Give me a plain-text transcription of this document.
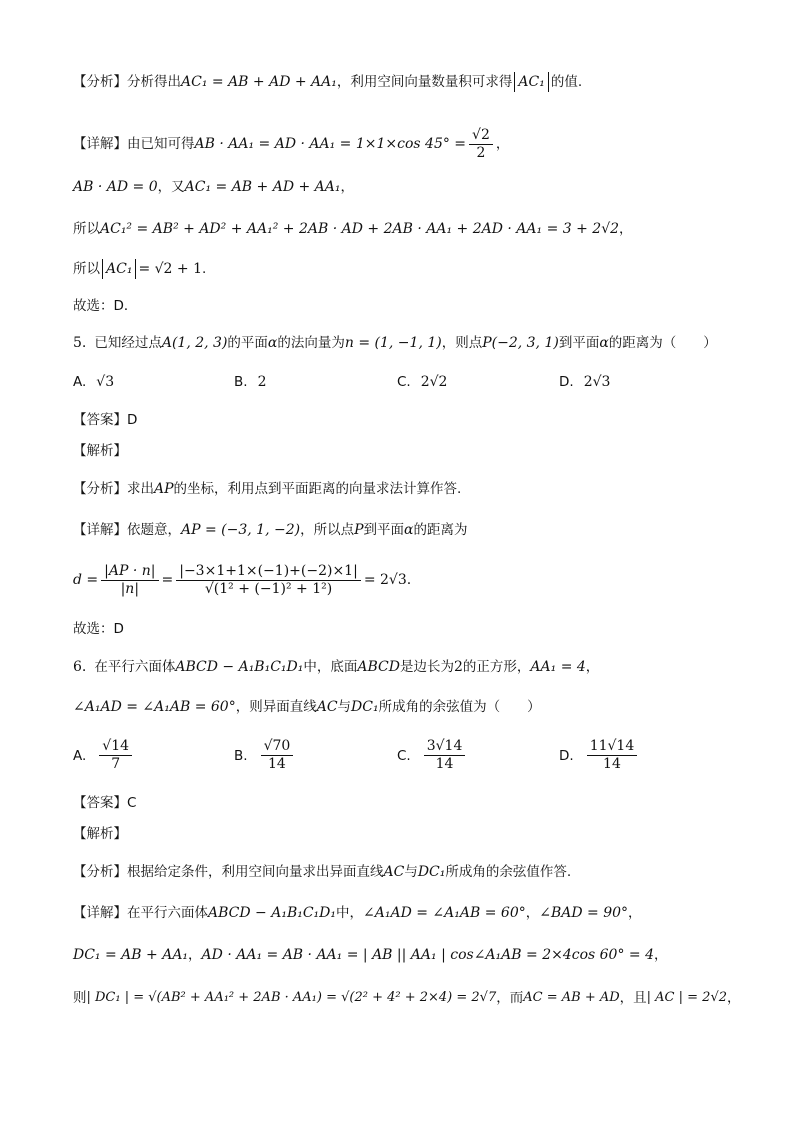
【分析】 分析得出 AC₁ = AB + AD + AA₁ ，利用空间向量数量积可求得 AC₁ 的值.
【详解】 由已知可得 AB · AA₁ = AD · AA₁ = 1×1×cos $45^\circ = \frac{√2}{2}$ ，
AB · AD = 0 ，又 AC₁ = AB + AD + AA₁ ，
所以 AC₁² = AB² + AD² + AA₁² + 2AB · AD + 2AB · AA₁ + 2AD · AA₁ = 3 + 2√2 ，
所以 AC₁ = √2 + 1 .
故选：D．
5. 已知经过点 A(1, 2, 3) 的平面 α 的法向量为 n = (1, −1, 1) ，则点 P(−2, 3, 1) 到平面 α 的距离为（　　）
A. √3	B. 2	C. 2√2	D. 2√3
【答案】D
【解析】
【分析】 求出 AP 的坐标，利用点到平面距离的向量求法计算作答.
【详解】 依题意， AP = (−3, 1, −2) ，所以点 P 到平面 α 的距离为
$d = \frac{|AP \cdot n|}{|n|} = \frac{|-3\times 1+1\times(-1)+(-2)\times 1|}{\text{√(1² + (−1)² + 1²)}} = 2√3$ .
故选：D
6. 在平行六面体 ABCD − A₁B₁C₁D₁ 中，底面 ABCD 是边长为 2 的正方形， AA₁ = 4 ，
∠A₁AD = ∠A₁AB = 60° ，则异面直线 AC 与 DC₁ 所成角的余弦值为（　　）
A. $\frac{√14}{7}$	B. $\frac{√70}{14}$	C. $\frac{3√14}{14}$	D. $\frac{11√14}{14}$
【答案】C
【解析】
【分析】 根据给定条件，利用空间向量求出异面直线 AC 与 DC₁ 所成角的余弦值作答.
【详解】 在平行六面体 ABCD − A₁B₁C₁D₁ 中， ∠A₁AD = ∠A₁AB = 60° ， ∠BAD = 90° ，
DC₁ = AB + AA₁ ， AD · AA₁ = AB · AA₁ = | AB || AA₁ | cos∠A₁AB = 2×4cos 60° = 4 ，
则 | DC₁ | = √(AB² + AA₁² + 2AB · AA₁) = √(2² + 4² + 2×4) = 2√7 ，而 AC = AB + AD ，且 | AC | = 2√2 ，
